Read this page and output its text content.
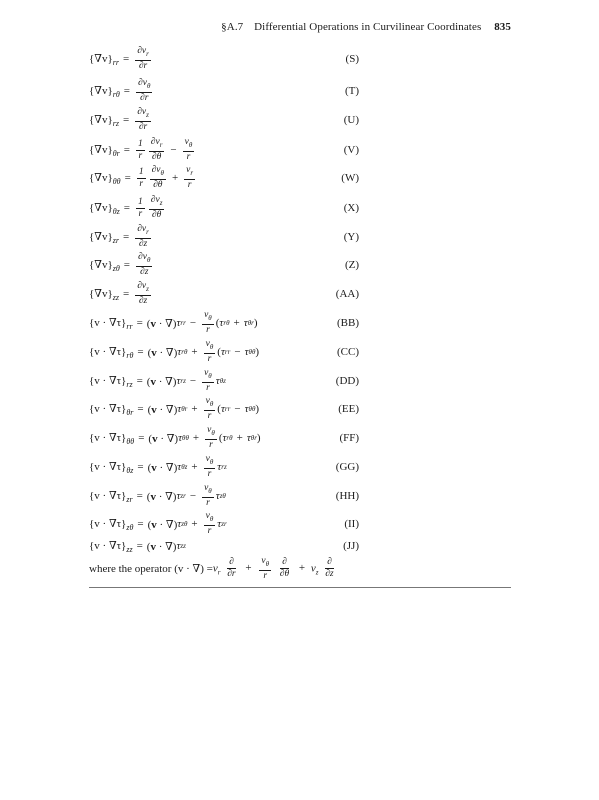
§A.7 Differential Operations in Curvilinear Coordinates 835
$\{\nabla v\}_{rr} = \frac{\partial v_r}{\partial r}$	(S)
$\{\nabla v\}_{r\theta} = \frac{\partial v_\theta}{\partial r}$	(T)
$\{\nabla v\}_{rz} = \frac{\partial v_z}{\partial r}$	(U)
$\{\nabla v\}_{\theta r} = \frac{1}{r} \frac{\partial v_r}{\partial\theta} - \frac{v_\theta}{r}$	(V)
$\{\nabla v\}_{\theta\theta} = \frac{1}{r} \frac{\partial v_\theta}{\partial\theta} + \frac{v_r}{r}$	(W)
$\{\nabla v\}_{\theta z} = \frac{1}{r} \frac{\partial v_z}{\partial\theta}$	(X)
$\{\nabla v\}_{zr} = \frac{\partial v_r}{\partial z}$	(Y)
$\{\nabla v\}_{z\theta} = \frac{\partial v_\theta}{\partial z}$	(Z)
$\{\nabla v\}_{zz} = \frac{\partial v_z}{\partial z}$	(AA)
$\{v \cdot \nabla\tau\}_{rr} = (v$ · ∇) τ rr − $\frac{v_\theta}{r}$ ( τ rθ + τ θr )	(BB)
$\{v \cdot \nabla\tau\}_{r\theta} = (v$ · ∇) τ $r\theta + \frac{v_\theta}{r}$ ( τ rr − τ θθ )	(CC)
$\{v \cdot \nabla\tau\}_{rz} = (v$ · ∇) τ rz − $\frac{v_\theta}{r}$ τ θz	(DD)
$\{v \cdot \nabla\tau\}_{\theta r} = (v$ · ∇) τ $\theta r + \frac{v_\theta}{r}$ ( τ rr − τ θθ )	(EE)
$\{v \cdot \nabla\tau\}_{\theta\theta} = (v$ · ∇) τ $\theta\theta + \frac{v_\theta}{r}$ ( τ rθ + τ θr )	(FF)
$\{v \cdot \nabla\tau\}_{\theta z} = (v$ · ∇) τ $\theta z + \frac{v_\theta}{r}$ τ rz	(GG)
$\{v \cdot \nabla\tau\}_{zr} = (v$ · ∇) τ zr − $\frac{v_\theta}{r}$ τ zθ	(HH)
$\{v \cdot \nabla\tau\}_{z\theta} = (v$ · ∇) τ $z\theta + \frac{v_\theta}{r}$ τ zr	(II)
$\{v \cdot \nabla\tau\}_{zz} = (v$ · ∇) τ zz	(JJ)
where the operator (v · ∇) = $v_r \frac{\partial}{\partial r} + \frac{v_\theta}{r}$
$\frac{\partial}{\partial\theta} + v_z \frac{\partial}{\partial z}$
